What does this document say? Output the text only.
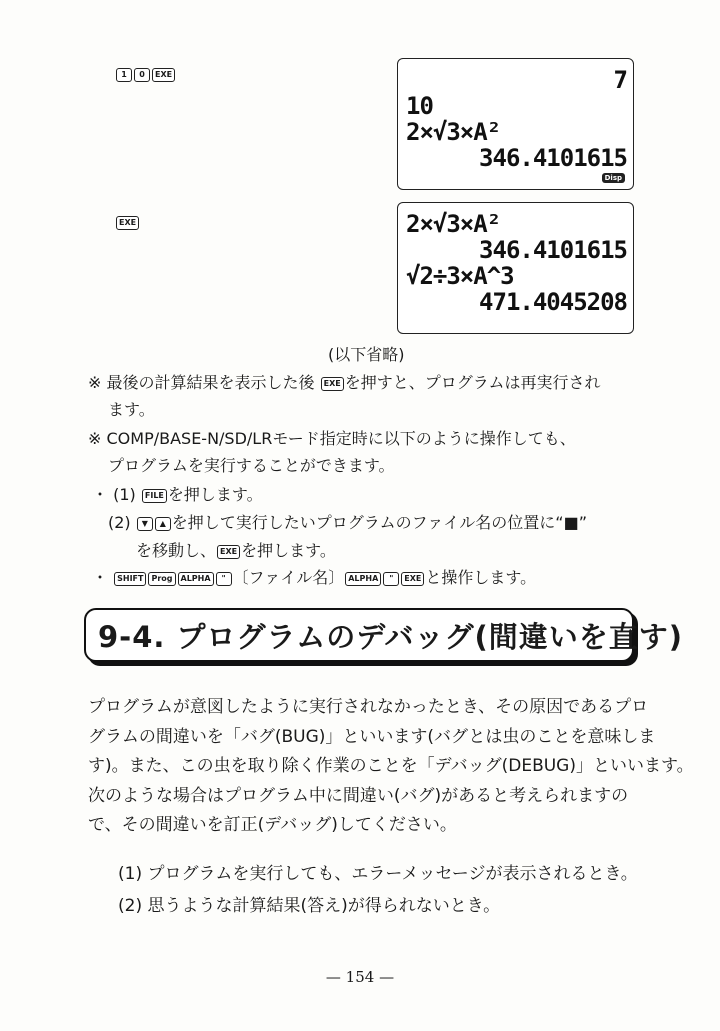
1 0 EXE	7
10
2×√3×A²
346.4101615
Disp
EXE	2×√3×A²
346.4101615
√2÷3×A^3
471.4045208
(以下省略)
※ 最後の計算結果を表示した後 EXE を押すと、プログラムは再実行され
ます。
※ COMP/BASE-N/SD/LRモード指定時に以下のように操作しても、
プログラムを実行することができます。
・ (1) FILE を押します。
(2) ▼ ▲ を押して実行したいプログラムのファイル名の位置に“■”
を移動し、 EXE を押します。
・ SHIFT Prog ALPHA " 〔ファイル名〕 ALPHA " EXE と操作します。
9-4. プログラムのデバッグ(間違いを直す)
プログラムが意図したように実行されなかったとき、その原因であるプロ
グラムの間違いを「バグ(BUG)」といいます(バグとは虫のことを意味しま
す)。また、この虫を取り除く作業のことを「デバッグ(DEBUG)」といいます。
次のような場合はプログラム中に間違い(バグ)があると考えられますの
で、その間違いを訂正(デバッグ)してください。
(1) プログラムを実行しても、エラーメッセージが表示されるとき。
(2) 思うような計算結果(答え)が得られないとき。
— 154 —
